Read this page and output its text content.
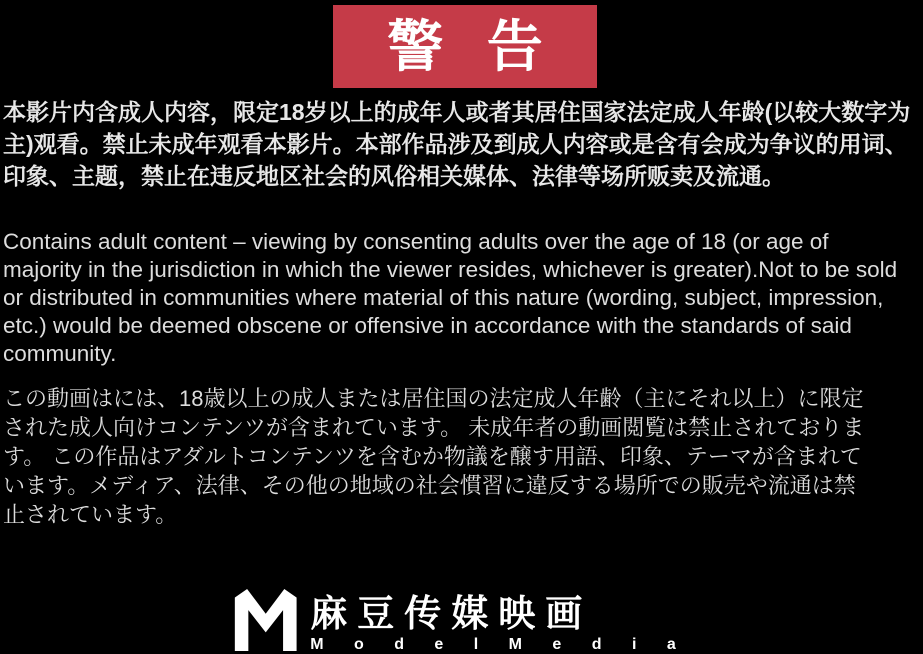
警 告
本影片内含成人内容，限定18岁以上的成年人或者其居住国家法定成人年龄(以较大数字为
主)观看。禁止未成年观看本影片。本部作品涉及到成人内容或是含有会成为争议的用词、
印象、主题，禁止在违反地区社会的风俗相关媒体、法律等场所贩卖及流通。
Contains adult content – viewing by consenting adults over the age of 18 (or age of
majority in the jurisdiction in which the viewer resides, whichever is greater).Not to be sold
or distributed in communities where material of this nature (wording, subject, impression,
etc.) would be deemed obscene or offensive in accordance with the standards of said
community.
この動画はには、18歳以上の成人または居住国の法定成人年齢（主にそれ以上）に限定
された成人向けコンテンツが含まれています。 未成年者の動画閲覧は禁止されておりま
す。 この作品はアダルトコンテンツを含むか物議を醸す用語、印象、テーマが含まれて
います。メディア、法律、その他の地域の社会慣習に違反する場所での販売や流通は禁
止されています。
麻豆传媒映画
M o d e l M e d i a
